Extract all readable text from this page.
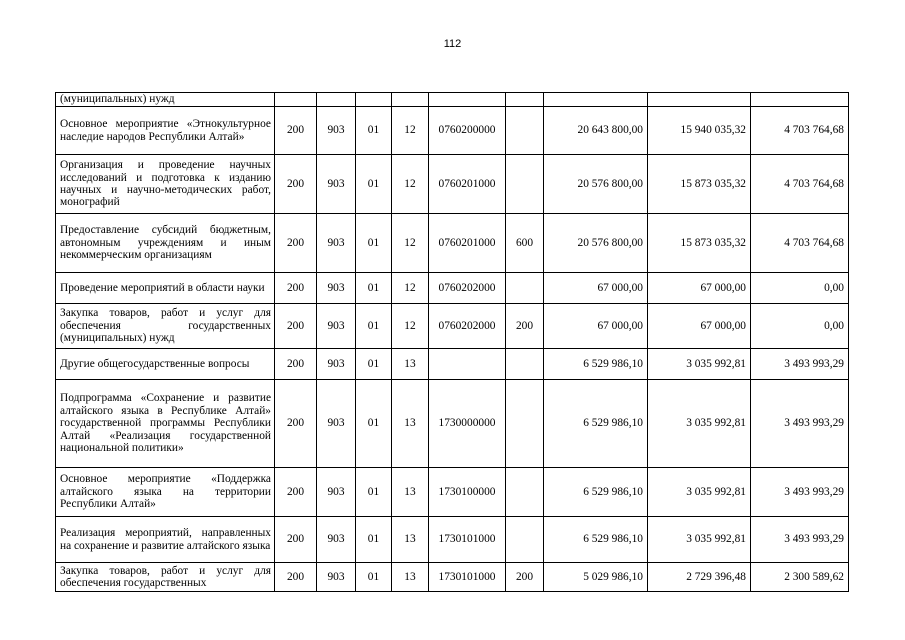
112
(муниципальных) нужд									
Основное мероприятие «Этнокультурное наследие народов Республики Алтай»	200	903	01	12	0760200000		20 643 800,00	15 940 035,32	4 703 764,68
Организация и проведение научных исследований и подготовка к изданию научных и научно-методических работ, монографий	200	903	01	12	0760201000		20 576 800,00	15 873 035,32	4 703 764,68
Предоставление субсидий бюджетным, автономным учреждениям и иным некоммерческим организациям	200	903	01	12	0760201000	600	20 576 800,00	15 873 035,32	4 703 764,68
Проведение мероприятий в области науки	200	903	01	12	0760202000		67 000,00	67 000,00	0,00
Закупка товаров, работ и услуг для обеспечения государственных (муниципальных) нужд	200	903	01	12	0760202000	200	67 000,00	67 000,00	0,00
Другие общегосударственные вопросы	200	903	01	13			6 529 986,10	3 035 992,81	3 493 993,29
Подпрограмма «Сохранение и развитие алтайского языка в Республике Алтай» государственной программы Республики Алтай «Реализация государственной национальной политики»	200	903	01	13	1730000000		6 529 986,10	3 035 992,81	3 493 993,29
Основное мероприятие «Поддержка алтайского языка на территории Республики Алтай»	200	903	01	13	1730100000		6 529 986,10	3 035 992,81	3 493 993,29
Реализация мероприятий, направленных на сохранение и развитие алтайского языка	200	903	01	13	1730101000		6 529 986,10	3 035 992,81	3 493 993,29
Закупка товаров, работ и услуг для обеспечения государственных	200	903	01	13	1730101000	200	5 029 986,10	2 729 396,48	2 300 589,62
